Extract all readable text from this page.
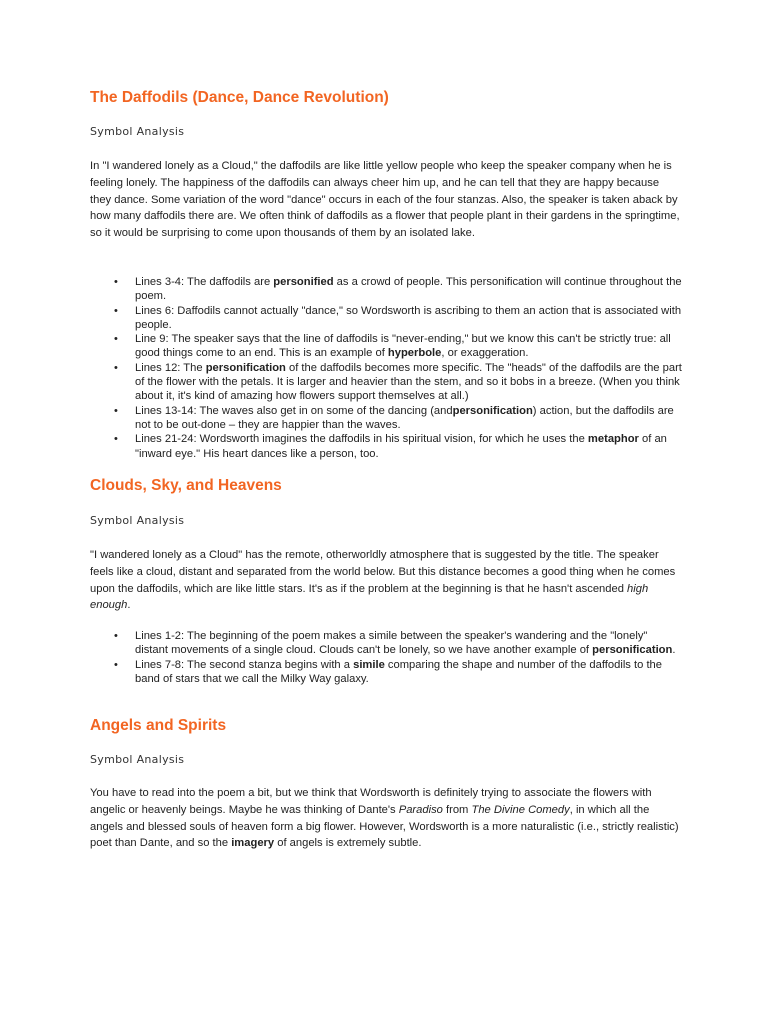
The Daffodils (Dance, Dance Revolution)
Symbol Analysis

In "I wandered lonely as a Cloud," the daffodils are like little yellow people who keep the speaker company when he is feeling lonely. The happiness of the daffodils can always cheer him up, and he can tell that they are happy because they dance. Some variation of the word "dance" occurs in each of the four stanzas. Also, the speaker is taken aback by how many daffodils there are. We often think of daffodils as a flower that people plant in their gardens in the springtime, so it would be surprising to come upon thousands of them by an isolated lake.

• Lines 3-4: The daffodils are personified as a crowd of people. This personification will continue throughout the poem.
• Lines 6: Daffodils cannot actually "dance," so Wordsworth is ascribing to them an action that is associated with people.
• Line 9: The speaker says that the line of daffodils is "never-ending," but we know this can't be strictly true: all good things come to an end. This is an example of hyperbole, or exaggeration.
• Lines 12: The personification of the daffodils becomes more specific. The "heads" of the daffodils are the part of the flower with the petals. It is larger and heavier than the stem, and so it bobs in a breeze. (When you think about it, it's kind of amazing how flowers support themselves at all.)
• Lines 13-14: The waves also get in on some of the dancing (andpersonification) action, but the daffodils are not to be out-done – they are happier than the waves.
• Lines 21-24: Wordsworth imagines the daffodils in his spiritual vision, for which he uses the metaphor of an "inward eye." His heart dances like a person, too.
Clouds, Sky, and Heavens
Symbol Analysis

"I wandered lonely as a Cloud" has the remote, otherworldly atmosphere that is suggested by the title. The speaker feels like a cloud, distant and separated from the world below. But this distance becomes a good thing when he comes upon the daffodils, which are like little stars. It's as if the problem at the beginning is that he hasn't ascended high enough.

• Lines 1-2: The beginning of the poem makes a simile between the speaker's wandering and the "lonely" distant movements of a single cloud. Clouds can't be lonely, so we have another example of personification.
• Lines 7-8: The second stanza begins with a simile comparing the shape and number of the daffodils to the band of stars that we call the Milky Way galaxy.
Angels and Spirits
Symbol Analysis

You have to read into the poem a bit, but we think that Wordsworth is definitely trying to associate the flowers with angelic or heavenly beings. Maybe he was thinking of Dante's Paradiso from The Divine Comedy, in which all the angels and blessed souls of heaven form a big flower. However, Wordsworth is a more naturalistic (i.e., strictly realistic) poet than Dante, and so the imagery of angels is extremely subtle.
